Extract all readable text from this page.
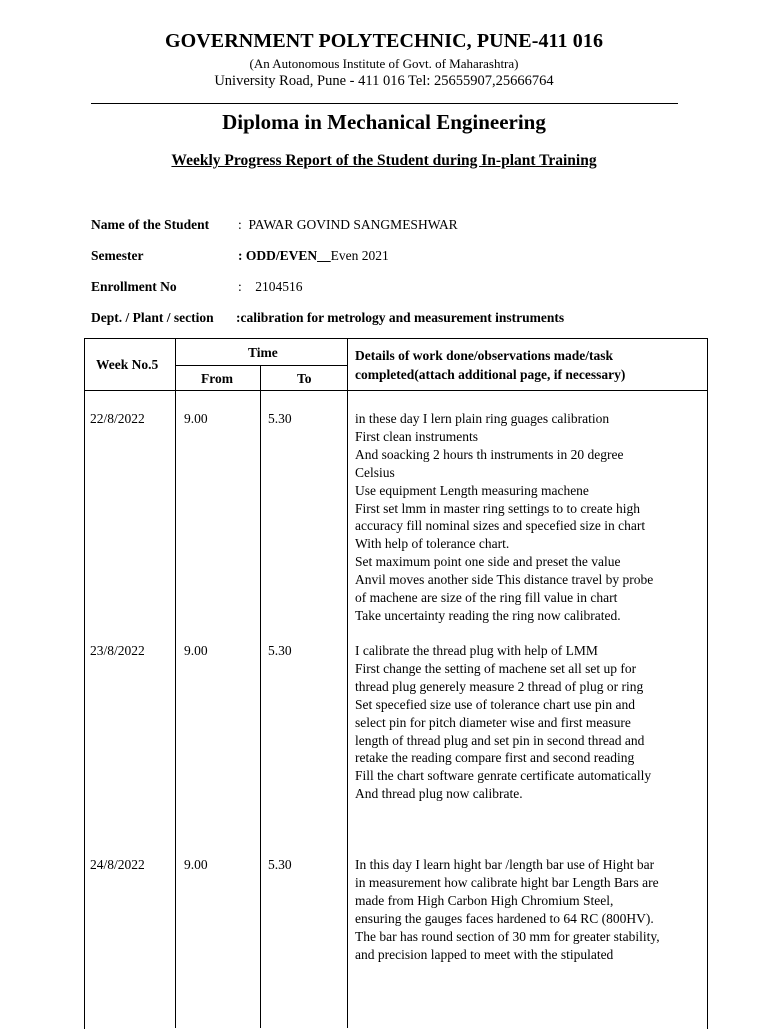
GOVERNMENT POLYTECHNIC, PUNE-411 016
(An Autonomous Institute of Govt. of Maharashtra)
University Road, Pune - 411 016 Tel: 25655907,25666764
Diploma in Mechanical Engineering
Weekly Progress Report of the Student during In-plant Training
Name of the Student :  PAWAR GOVIND SANGMESHWAR
Semester	: ODD/EVEN__Even 2021
Enrollment No	:    2104516
Dept. / Plant / section :calibration for metrology and measurement instruments
Week No.5
Time
From	To
Details of work done/observations made/task
completed(attach additional page, if necessary)
22/8/2022	9.00	5.30	in these day I lern plain ring guages calibration
First clean instruments
And soacking 2 hours th instruments in 20 degree
Celsius
Use equipment Length measuring machene
First set lmm in master ring settings to to create high
accuracy fill nominal sizes and specefied size in chart
With help of tolerance chart.
Set maximum point one side and preset the value
Anvil moves another side This distance travel by probe
of machene are size of the ring fill value in chart
Take uncertainty reading the ring now calibrated.
23/8/2022	9.00	5.30	I calibrate the thread plug with help of LMM
First change the setting of machene set all set up for
thread plug generely measure 2 thread of plug or ring
Set specefied size use of tolerance chart use pin and
select pin for pitch diameter wise and first measure
length of thread plug and set pin in second thread and
retake the reading compare first and second reading
Fill the chart software genrate certificate automatically
And thread plug now calibrate.
24/8/2022	9.00	5.30	In this day I learn hight bar /length bar use of Hight bar
in measurement how calibrate hight bar Length Bars are
made from High Carbon High Chromium Steel,
ensuring the gauges faces hardened to 64 RC (800HV).
The bar has round section of 30 mm for greater stability,
and precision lapped to meet with the stipulated
